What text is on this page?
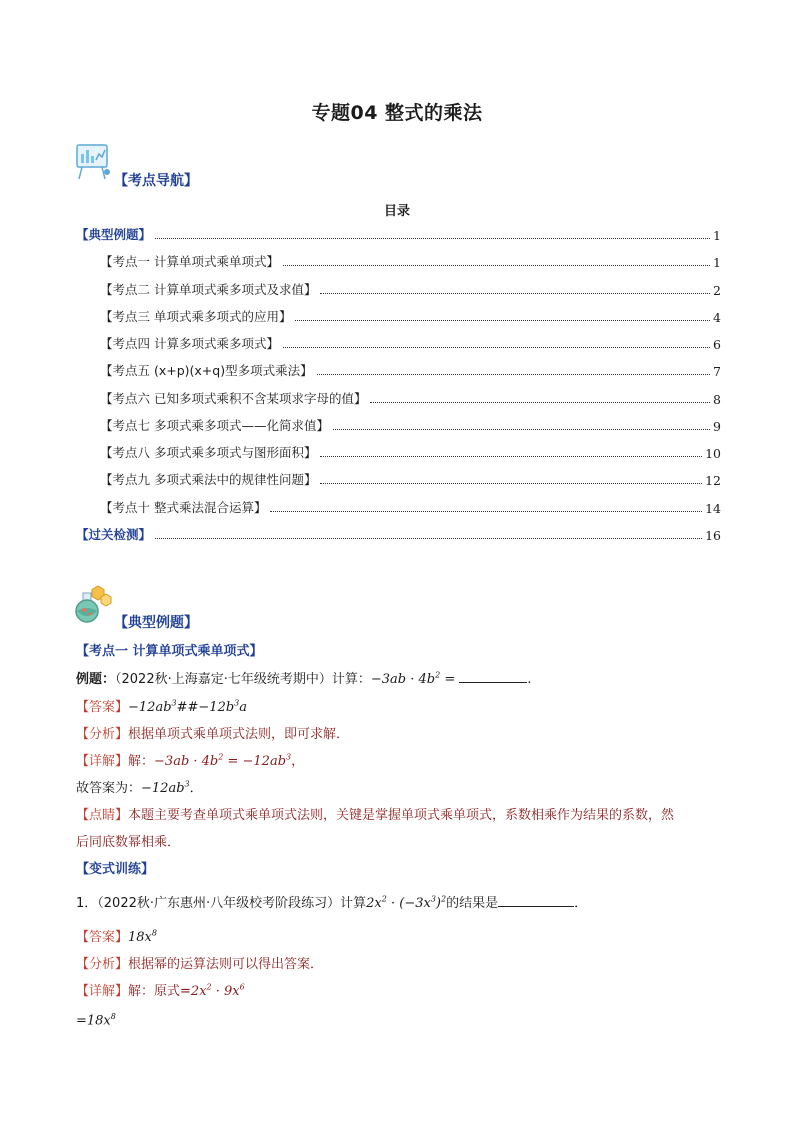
专题04 整式的乘法
【考点导航】
目录
【典型例题】	1
【考点一 计算单项式乘单项式】	1
【考点二 计算单项式乘多项式及求值】	2
【考点三 单项式乘多项式的应用】	4
【考点四 计算多项式乘多项式】	6
【考点五 (x+p)(x+q)型多项式乘法】	7
【考点六 已知多项式乘积不含某项求字母的值】	8
【考点七 多项式乘多项式——化简求值】	9
【考点八 多项式乘多项式与图形面积】	10
【考点九 多项式乘法中的规律性问题】	12
【考点十 整式乘法混合运算】	14
【过关检测】	16
【典型例题】
【考点一 计算单项式乘单项式】
例题：（2022秋·上海嘉定·七年级统考期中）计算：$-3ab \cdot 4b^2$ =	.
【答案】$-12ab^3\#\#-12b^3a$
【分析】根据单项式乘单项式法则，即可求解．
【详解】解：$-3ab \cdot 4b^2 = -12ab^3$，
故答案为：$-12ab^3$．
【点睛】本题主要考查单项式乘单项式法则，关键是掌握单项式乘单项式，系数相乘作为结果的系数，然
后同底数幂相乘．
【变式训练】
1．（2022秋·广东惠州·八年级校考阶段练习）计算$2x^2 \cdot (-3x^3)^2$的结果是	．
【答案】$18x^8$
【分析】根据幂的运算法则可以得出答案．
【详解】解：原式$=2x^2 \cdot 9x^6$
$=18x^8$
